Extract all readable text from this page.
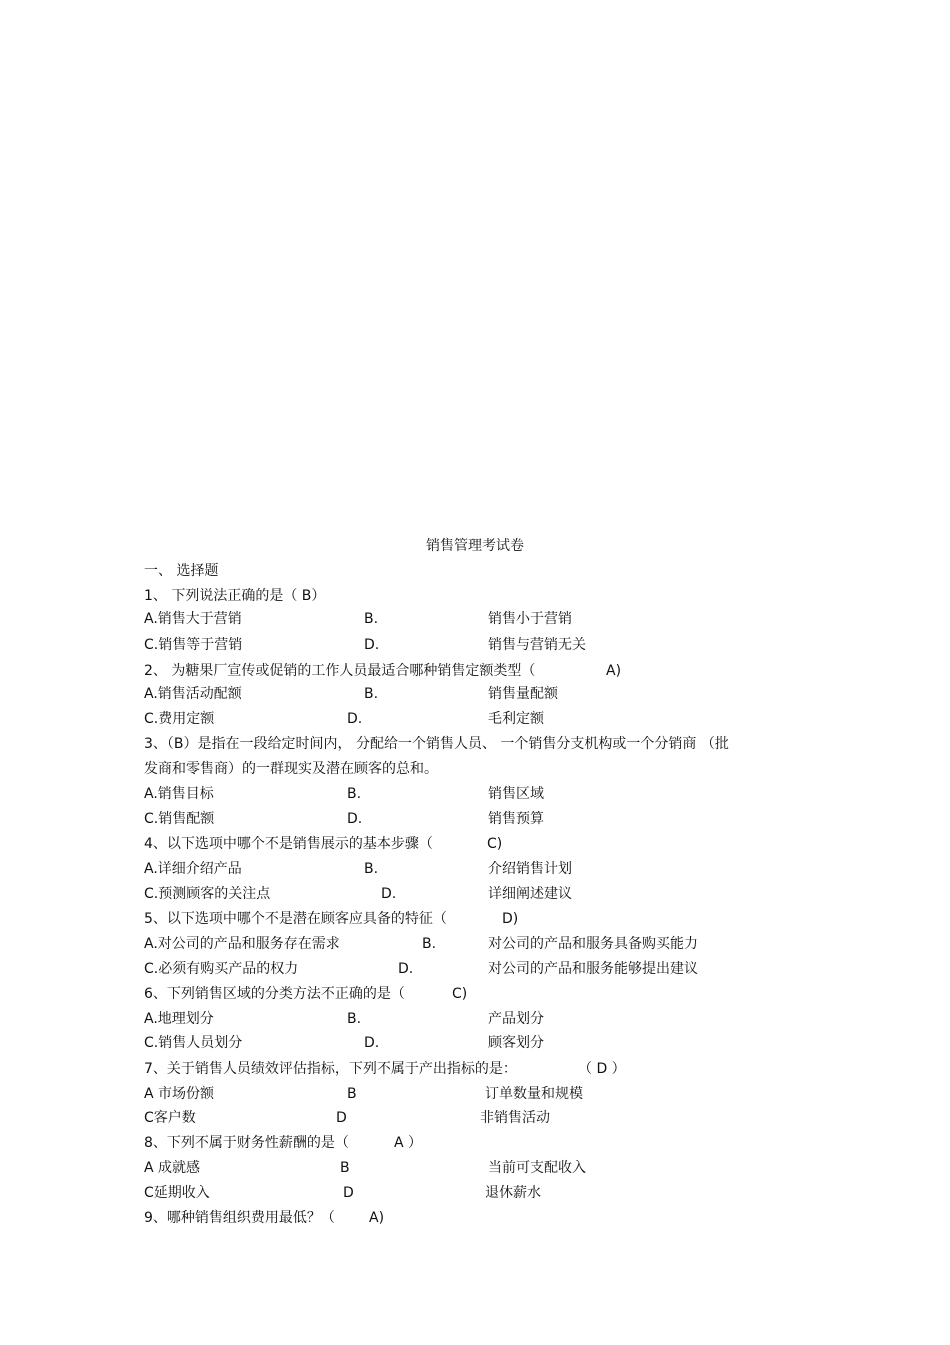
销售管理考试卷
一、 选择题
1、 下列说法正确的是（ B）
A.销售大于营销	B.	销售小于营销
C.销售等于营销	D.	销售与营销无关
2、 为糖果厂宣传或促销的工作人员最适合哪种销售定额类型（	A)
A.销售活动配额	B.	销售量配额
C.费用定额	D.	毛利定额
3、（B）是指在一段给定时间内， 分配给一个销售人员、 一个销售分支机构或一个分销商 （批
发商和零售商）的一群现实及潜在顾客的总和。
A.销售目标	B.	销售区域
C.销售配额	D.	销售预算
4、以下选项中哪个不是销售展示的基本步骤（	C)
A.详细介绍产品	B.	介绍销售计划
C.预测顾客的关注点	D.	详细阐述建议
5、以下选项中哪个不是潜在顾客应具备的特征（	D)
A.对公司的产品和服务存在需求	B.	对公司的产品和服务具备购买能力
C.必须有购买产品的权力	D.	对公司的产品和服务能够提出建议
6、下列销售区域的分类方法不正确的是（	C)
A.地理划分	B.	产品划分
C.销售人员划分	D.	顾客划分
7、关于销售人员绩效评估指标，下列不属于产出指标的是：	（ D ）
A 市场份额	B	订单数量和规模
C客户数	D	非销售活动
8、下列不属于财务性薪酬的是（	A ）
A 成就感	B	当前可支配收入
C延期收入	D	退休薪水
9、哪种销售组织费用最低？（ A)
